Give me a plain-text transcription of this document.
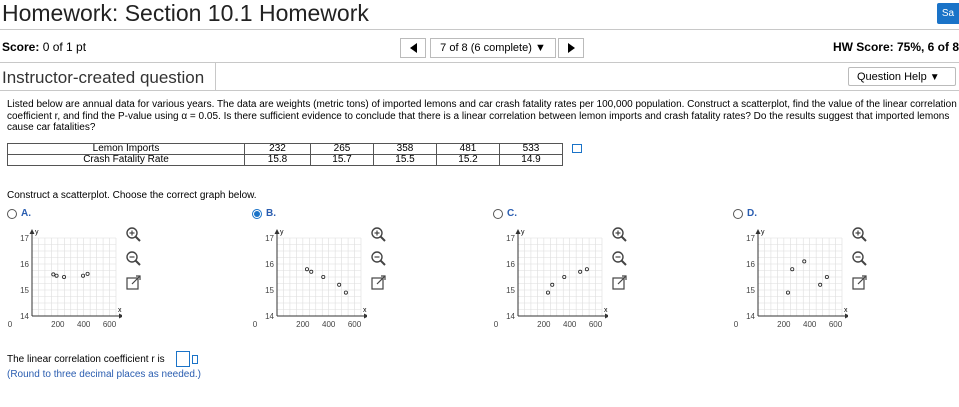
Homework: Section 10.1 Homework	Sa
Score: 0 of 1 pt	7 of 8 (6 complete) ▼	HW Score: 75%, 6 of 8
Instructor-created question	Question Help ▼
Listed below are annual data for various years. The data are weights (metric tons) of imported lemons and car crash fatality rates per 100,000 population. Construct a scatterplot, find the value of the linear correlation coefficient r, and find the P-value using α = 0.05. Is there sufficient evidence to conclude that there is a linear correlation between lemon imports and crash fatality rates? Do the results suggest that imported lemons cause car fatalities?
Lemon Imports	232	265	358	481	533
Crash Fatality Rate	15.8	15.7	15.5	15.2	14.9
Construct a scatterplot. Choose the correct graph below.
A.
14
15
16
17
0	200 400 600
x
y
B.
14
15
16
17
0	200 400 600
x
y
C.
14
15
16
17
0	200 400 600
x
y
D.
14
15
16
17
0	200 400 600
x
y
The linear correlation coefficient r is
(Round to three decimal places as needed.)
